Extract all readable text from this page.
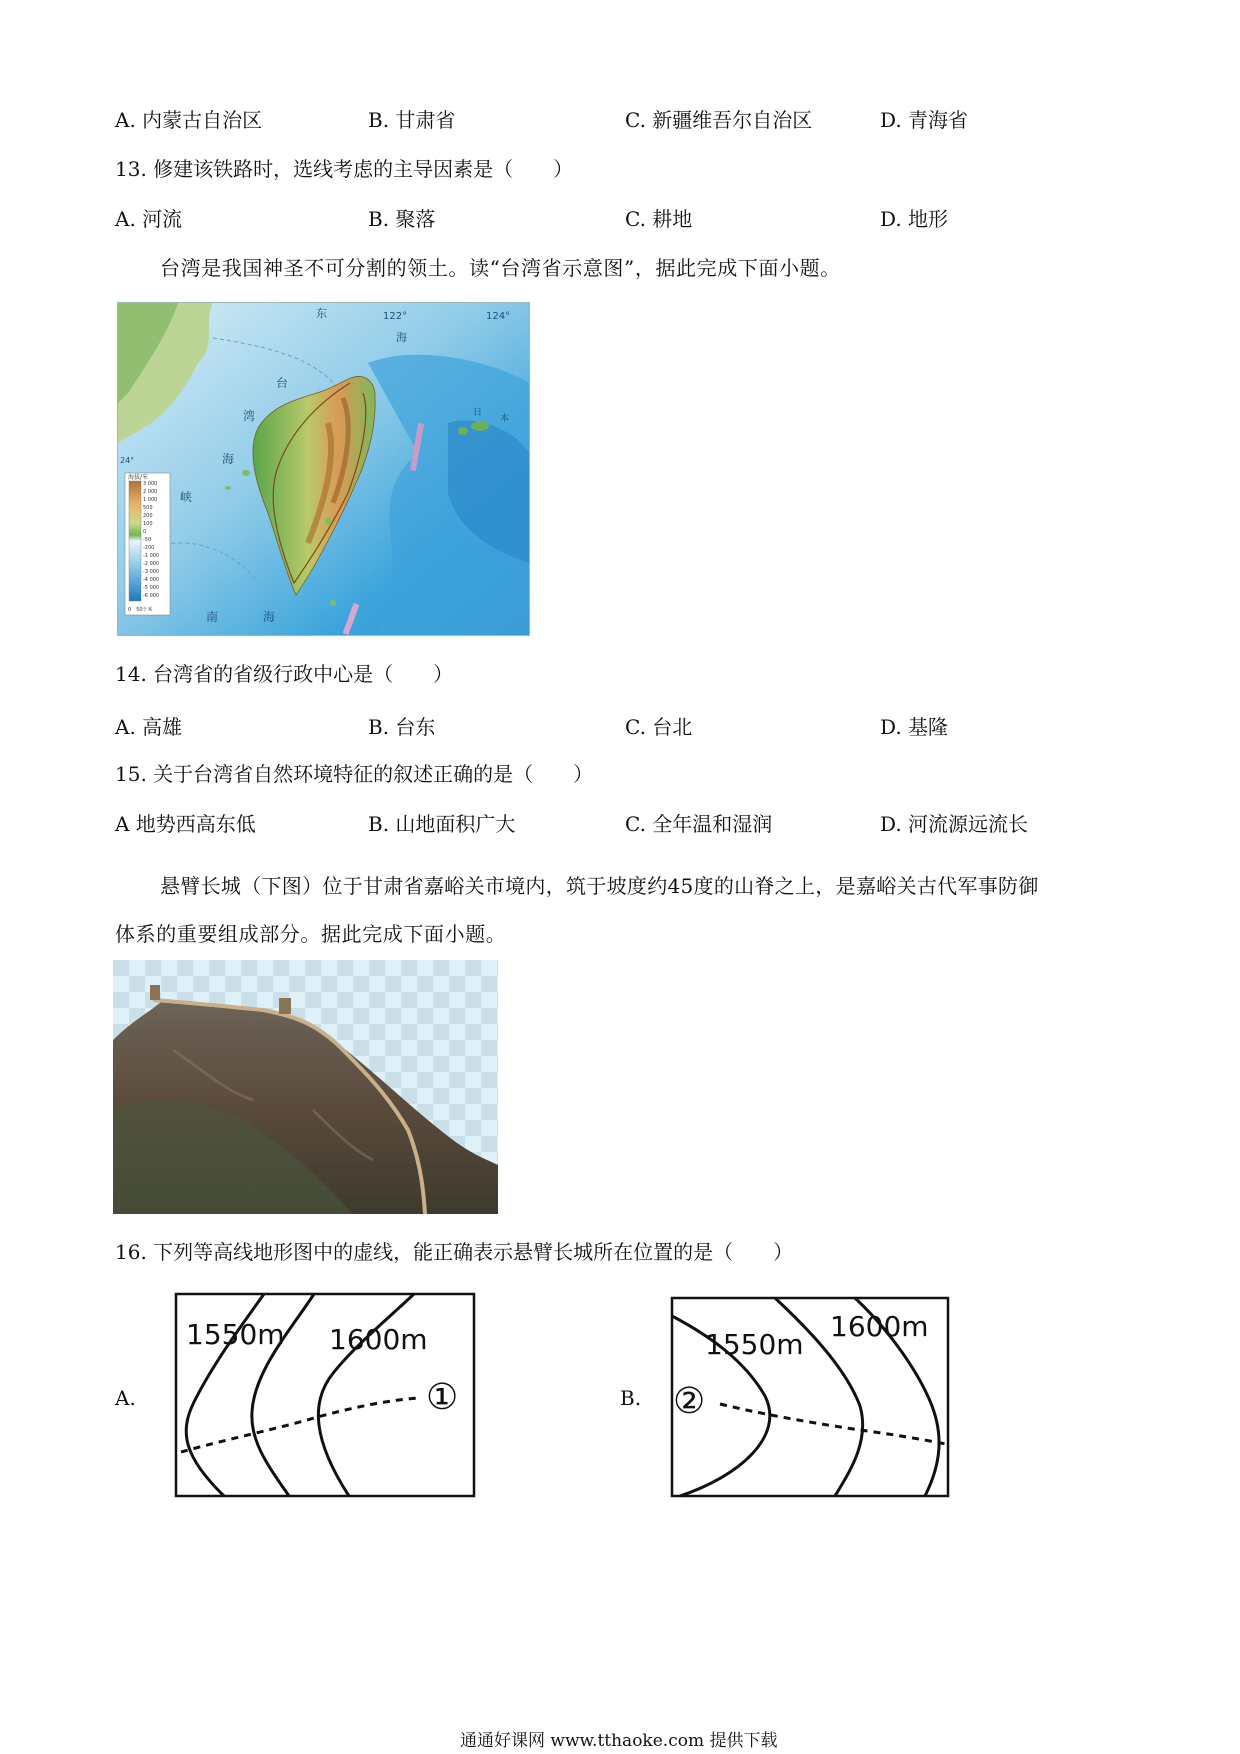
A. 内蒙古自治区	B. 甘肃省	C. 新疆维吾尔自治区	D. 青海省
13. 修建该铁路时，选线考虑的主导因素是（　　）
A. 河流	B. 聚落	C. 耕地	D. 地形
台湾是我国神圣不可分割的领土。读“台湾省示意图”，据此完成下面小题。
东	122°	124°
海
24°
台
湾
海
峡
南	海
日
本
海拔/米
3 000
2 000
1 000
500
200
100
0
-50
-200
-1 000
-2 000
-3 000
-4 000
-5 000
-6 000
0　50千米
14. 台湾省的省级行政中心是（　　）
A. 高雄	B. 台东	C. 台北	D. 基隆
15. 关于台湾省自然环境特征的叙述正确的是（　　）
A 地势西高东低	B. 山地面积广大	C. 全年温和湿润	D. 河流源远流长
悬臂长城（下图）位于甘肃省嘉峪关市境内，筑于坡度约45度的山脊之上，是嘉峪关古代军事防御
体系的重要组成部分。据此完成下面小题。
16. 下列等高线地形图中的虚线，能正确表示悬臂长城所在位置的是（　　）
A.	B.
1550m 1600m
①
1550m
1600m
②
通通好课网 www.tthaoke.com 提供下载
